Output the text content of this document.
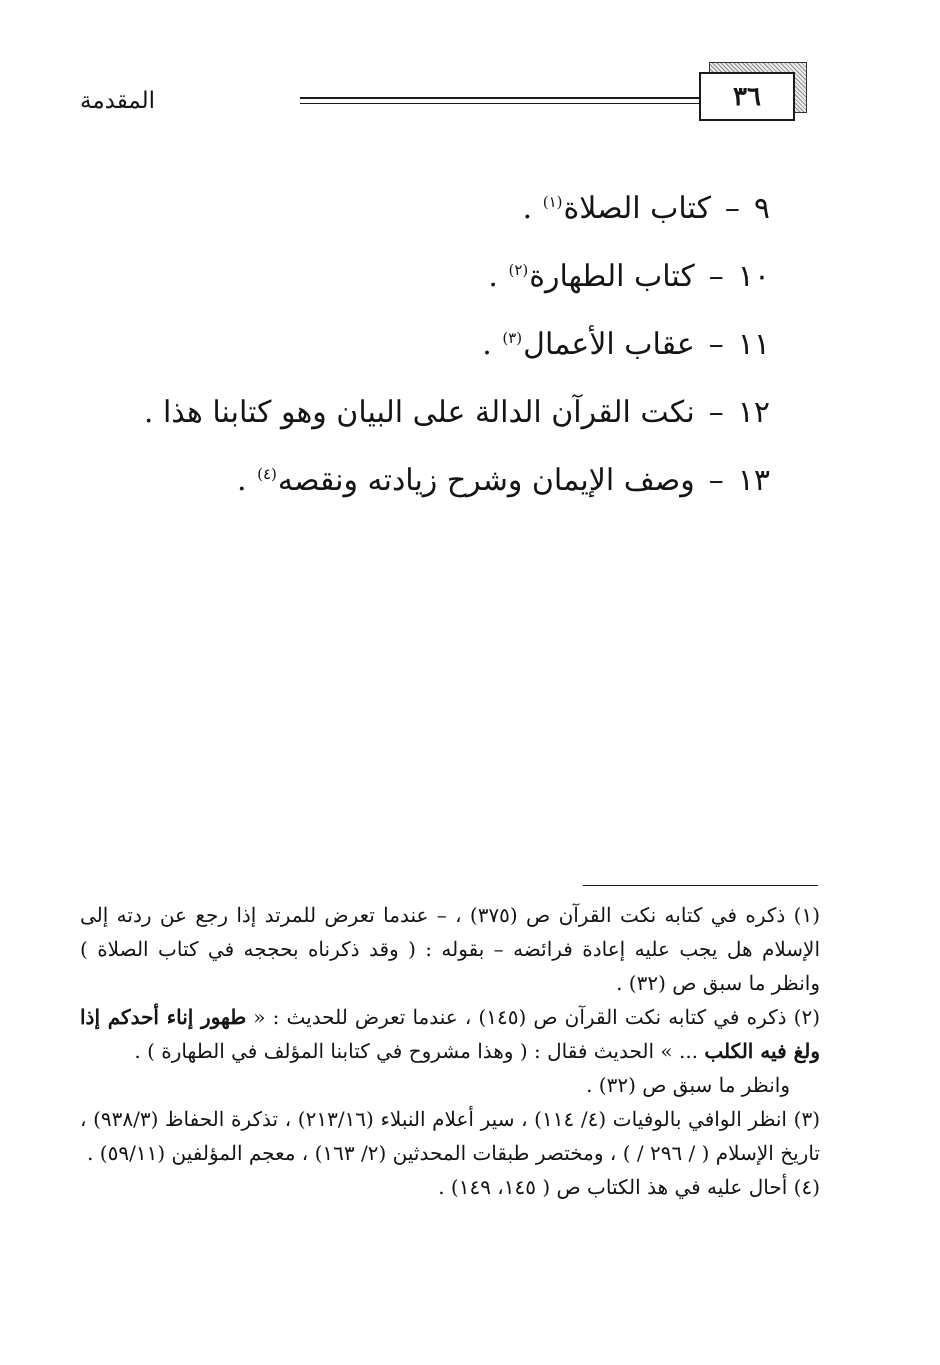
المقدمة	٣٦
٩–كتاب الصلاة$^{(١)}$ .
١٠–كتاب الطهارة$^{(٢)}$ .
١١–عقاب الأعمال$^{(٣)}$ .
١٢–نكت القرآن الدالة على البيان وهو كتابنا هذا .
١٣–وصف الإيمان وشرح زيادته ونقصه$^{(٤)}$ .
(١) ذكره في كتابه نكت القرآن ص (٣٧٥) ، – عندما تعرض للمرتد إذا رجع عن ردته إلى الإسلام هل يجب عليه إعادة فرائضه – بقوله : ( وقد ذكرناه بحججه في كتاب الصلاة ) وانظر ما سبق ص (٣٢) .
(٢) ذكره في كتابه نكت القرآن ص (١٤٥) ، عندما تعرض للحديث : « طهور إناء أحدكم إذا ولغ فيه الكلب ... » الحديث فقال : ( وهذا مشروح في كتابنا المؤلف في الطهارة ) .
وانظر ما سبق ص (٣٢) .
(٣) انظر الوافي بالوفيات (٤/ ١١٤) ، سير أعلام النبلاء (٢١٣/١٦) ، تذكرة الحفاظ (٩٣٨/٣) ، تاريخ الإسلام ( / ٢٩٦ / ) ، ومختصر طبقات المحدثين (٢/ ١٦٣) ، معجم المؤلفين (٥٩/١١) .
(٤) أحال عليه في هذ الكتاب ص ( ١٤٥، ١٤٩) .
